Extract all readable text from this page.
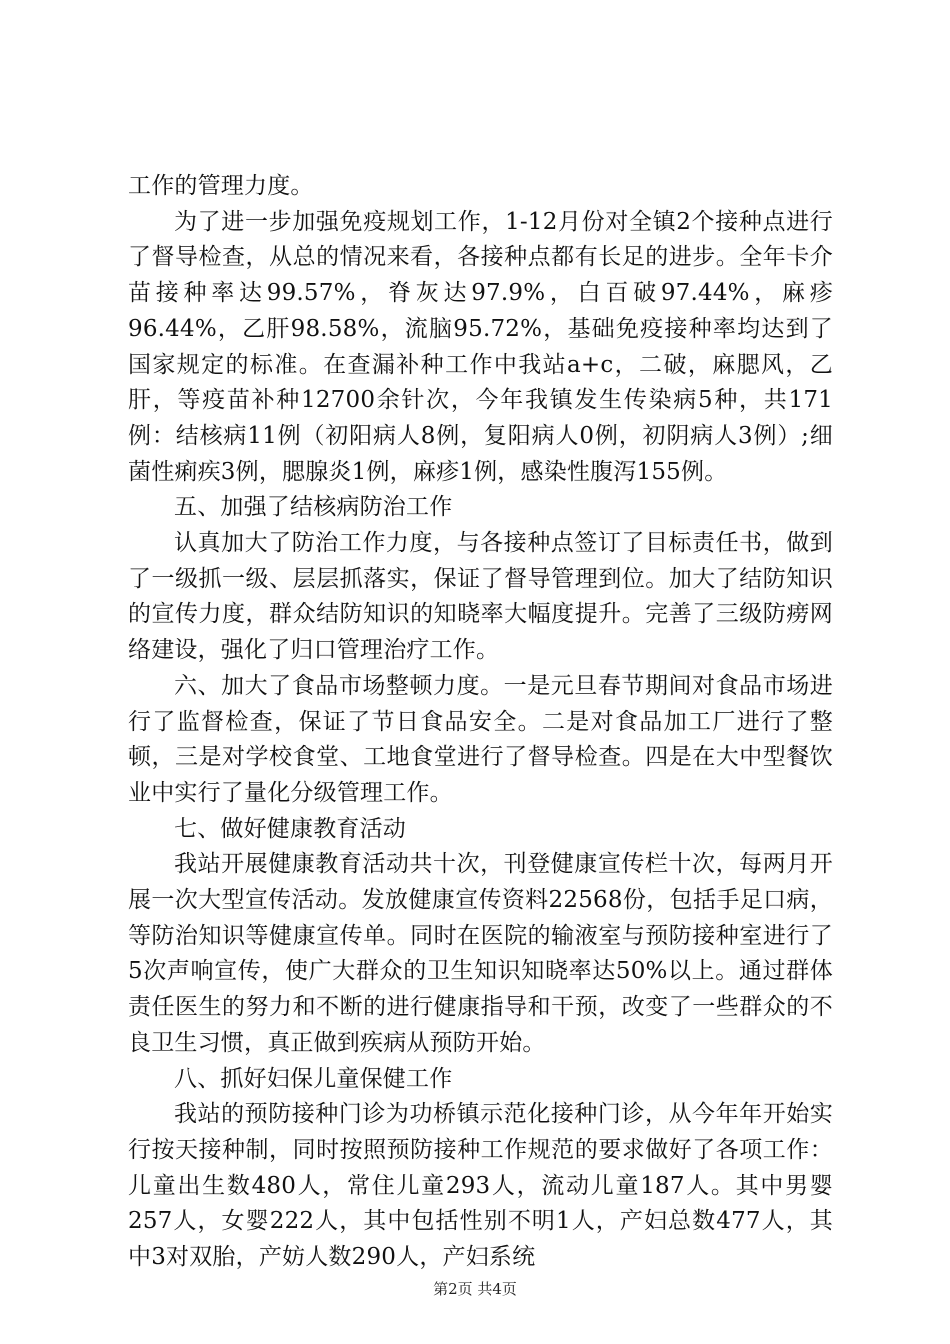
工作的管理力度。

为了进一步加强免疫规划工作，1-12月份对全镇2个接种点进行了督导检查，从总的情况来看，各接种点都有长足的进步。全年卡介苗接种率达99.57%，脊灰达97.9%，白百破97.44%，麻疹96.44%，乙肝98.58%，流脑95.72%，基础免疫接种率均达到了国家规定的标准。在查漏补种工作中我站a+c，二破，麻腮风，乙肝，等疫苗补种12700余针次，今年我镇发生传染病5种，共171例：结核病11例（初阳病人8例，复阳病人0例，初阴病人3例）;细菌性痢疾3例，腮腺炎1例，麻疹1例，感染性腹泻155例。

五、加强了结核病防治工作

认真加大了防治工作力度，与各接种点签订了目标责任书，做到了一级抓一级、层层抓落实，保证了督导管理到位。加大了结防知识的宣传力度，群众结防知识的知晓率大幅度提升。完善了三级防痨网络建设，强化了归口管理治疗工作。

六、加大了食品市场整顿力度。一是元旦春节期间对食品市场进行了监督检查，保证了节日食品安全。二是对食品加工厂进行了整顿，三是对学校食堂、工地食堂进行了督导检查。四是在大中型餐饮业中实行了量化分级管理工作。

七、做好健康教育活动

我站开展健康教育活动共十次，刊登健康宣传栏十次，每两月开展一次大型宣传活动。发放健康宣传资料22568份，包括手足口病，等防治知识等健康宣传单。同时在医院的输液室与预防接种室进行了5次声响宣传，使广大群众的卫生知识知晓率达50%以上。通过群体责任医生的努力和不断的进行健康指导和干预，改变了一些群众的不良卫生习惯，真正做到疾病从预防开始。

八、抓好妇保儿童保健工作

我站的预防接种门诊为功桥镇示范化接种门诊，从今年年开始实行按天接种制，同时按照预防接种工作规范的要求做好了各项工作：儿童出生数480人，常住儿童293人，流动儿童187人。其中男婴257人，女婴222人，其中包括性别不明1人，产妇总数477人，其中3对双胎，产妨人数290人，产妇系统

第2页 共4页
